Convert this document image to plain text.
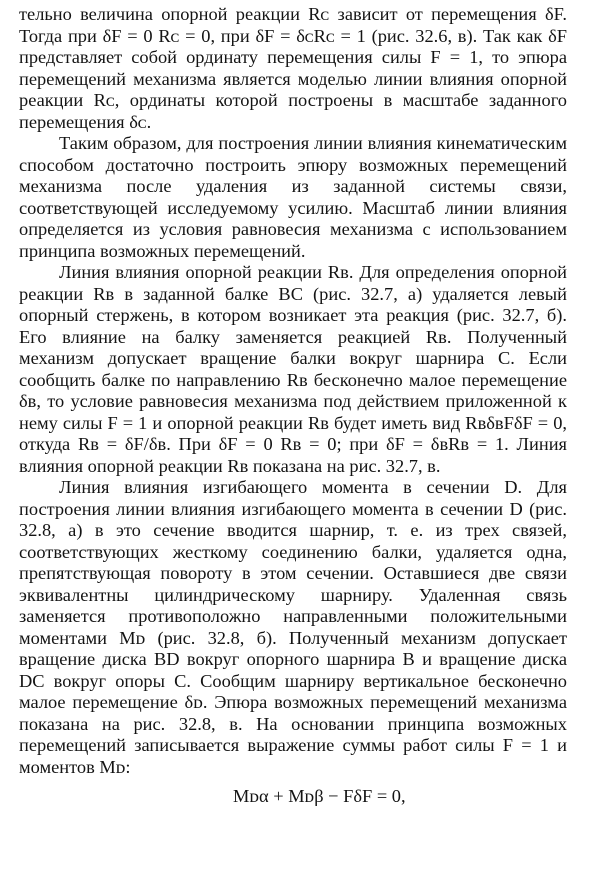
тельно величина опорной реакции Rᴄ зависит от перемещения δF. Тогда при δF = 0 Rᴄ = 0, при δF = δᴄRᴄ = 1 (рис. 32.6, в). Так как δF представляет собой ординату перемещения силы F = 1, то эпюра перемещений механизма является моделью линии влияния опорной реакции Rᴄ, ординаты которой построены в масштабе заданного перемещения δᴄ.

Таким образом, для построения линии влияния кинематическим способом достаточно построить эпюру возможных перемещений механизма после удаления из заданной системы связи, соответствующей исследуемому усилию. Масштаб линии влияния определяется из условия равновесия механизма с использованием принципа возможных перемещений.

Линия влияния опорной реакции Rʙ. Для определения опорной реакции Rʙ в заданной балке BC (рис. 32.7, а) удаляется левый опорный стержень, в котором возникает эта реакция (рис. 32.7, б). Его влияние на балку заменяется реакцией Rʙ. Полученный механизм допускает вращение балки вокруг шарнира C. Если сообщить балке по направлению Rʙ бесконечно малое перемещение δʙ, то условие равновесия механизма под действием приложенной к нему силы F = 1 и опорной реакции Rʙ будет иметь вид RʙδʙFδF = 0, откуда Rʙ = δF/δʙ. При δF = 0 Rʙ = 0; при δF = δʙRʙ = 1. Линия влияния опорной реакции Rʙ показана на рис. 32.7, в.

Линия влияния изгибающего момента в сечении D. Для построения линии влияния изгибающего момента в сечении D (рис. 32.8, а) в это сечение вводится шарнир, т. е. из трех связей, соответствующих жесткому соединению балки, удаляется одна, препятствующая повороту в этом сечении. Оставшиеся две связи эквивалентны цилиндрическому шарниру. Удаленная связь заменяется противоположно направленными положительными моментами Mᴅ (рис. 32.8, б). Полученный механизм допускает вращение диска BD вокруг опорного шарнира B и вращение диска DC вокруг опоры C. Сообщим шарниру вертикальное бесконечно малое перемещение δᴅ. Эпюра возможных перемещений механизма показана на рис. 32.8, в. На основании принципа возможных перемещений записывается выражение суммы работ силы F = 1 и моментов Mᴅ:

Mᴅα + Mᴅβ − FδF = 0,
